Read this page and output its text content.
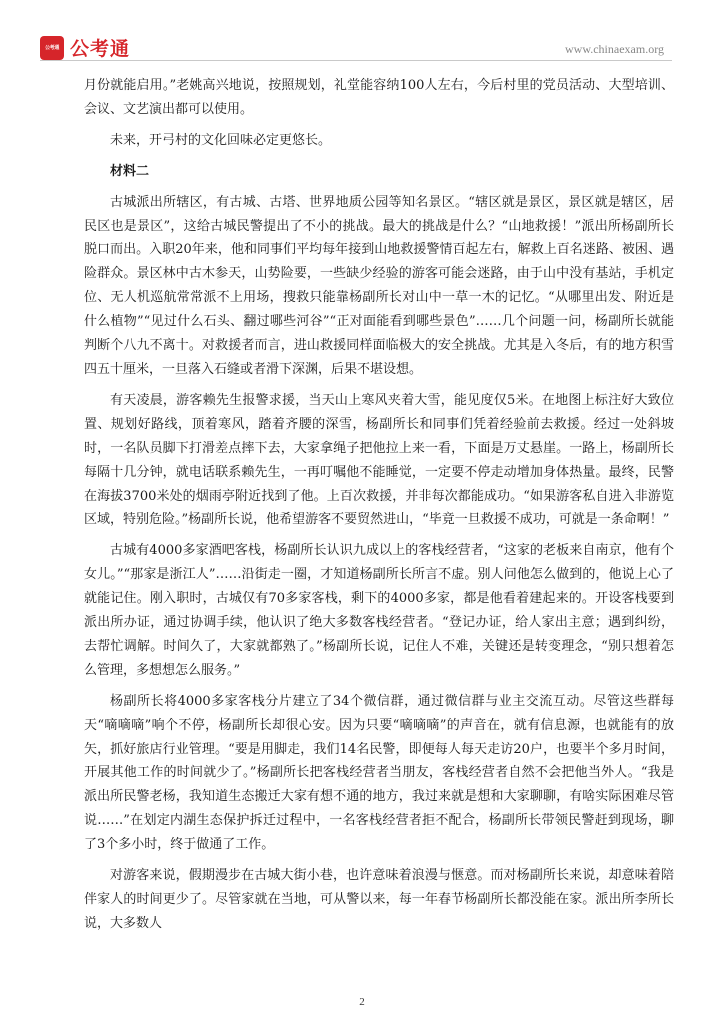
公考通 公考通	www.chinaexam.org

月份就能启用。”老姚高兴地说，按照规划，礼堂能容纳100人左右，今后村里的党员活动、大型培训、会议、文艺演出都可以使用。

未来，开弓村的文化回味必定更悠长。

材料二

古城派出所辖区，有古城、古塔、世界地质公园等知名景区。“辖区就是景区，景区就是辖区，居民区也是景区”，这给古城民警提出了不小的挑战。最大的挑战是什么？“山地救援！”派出所杨副所长脱口而出。入职20年来，他和同事们平均每年接到山地救援警情百起左右，解救上百名迷路、被困、遇险群众。景区林中古木参天，山势险要，一些缺少经验的游客可能会迷路，由于山中没有基站，手机定位、无人机巡航常常派不上用场，搜救只能靠杨副所长对山中一草一木的记忆。“从哪里出发、附近是什么植物”“见过什么石头、翻过哪些河谷”“正对面能看到哪些景色”……几个问题一问，杨副所长就能判断个八九不离十。对救援者而言，进山救援同样面临极大的安全挑战。尤其是入冬后，有的地方积雪四五十厘米，一旦落入石缝或者滑下深渊，后果不堪设想。

有天凌晨，游客赖先生报警求援，当天山上寒风夹着大雪，能见度仅5米。在地图上标注好大致位置、规划好路线，顶着寒风，踏着齐腰的深雪，杨副所长和同事们凭着经验前去救援。经过一处斜坡时，一名队员脚下打滑差点摔下去，大家拿绳子把他拉上来一看，下面是万丈悬崖。一路上，杨副所长每隔十几分钟，就电话联系赖先生，一再叮嘱他不能睡觉，一定要不停走动增加身体热量。最终，民警在海拔3700米处的烟雨亭附近找到了他。上百次救援，并非每次都能成功。“如果游客私自进入非游览区域，特别危险。”杨副所长说，他希望游客不要贸然进山，“毕竟一旦救援不成功，可就是一条命啊！”

古城有4000多家酒吧客栈，杨副所长认识九成以上的客栈经营者，“这家的老板来自南京，他有个女儿。”“那家是浙江人”……沿街走一圈，才知道杨副所长所言不虚。别人问他怎么做到的，他说上心了就能记住。刚入职时，古城仅有70多家客栈，剩下的4000多家，都是他看着建起来的。开设客栈要到派出所办证，通过协调手续，他认识了绝大多数客栈经营者。“登记办证，给人家出主意；遇到纠纷，去帮忙调解。时间久了，大家就都熟了。”杨副所长说，记住人不难，关键还是转变理念，“别只想着怎么管理，多想想怎么服务。”

杨副所长将4000多家客栈分片建立了34个微信群，通过微信群与业主交流互动。尽管这些群每天“嘀嘀嘀”响个不停，杨副所长却很心安。因为只要“嘀嘀嘀”的声音在，就有信息源，也就能有的放矢，抓好旅店行业管理。“要是用脚走，我们14名民警，即便每人每天走访20户，也要半个多月时间，开展其他工作的时间就少了。”杨副所长把客栈经营者当朋友，客栈经营者自然不会把他当外人。“我是派出所民警老杨，我知道生态搬迁大家有想不通的地方，我过来就是想和大家聊聊，有啥实际困难尽管说……”在划定内湖生态保护拆迁过程中，一名客栈经营者拒不配合，杨副所长带领民警赶到现场，聊了3个多小时，终于做通了工作。

对游客来说，假期漫步在古城大街小巷，也许意味着浪漫与惬意。而对杨副所长来说，却意味着陪伴家人的时间更少了。尽管家就在当地，可从警以来，每一年春节杨副所长都没能在家。派出所李所长说，大多数人

2
